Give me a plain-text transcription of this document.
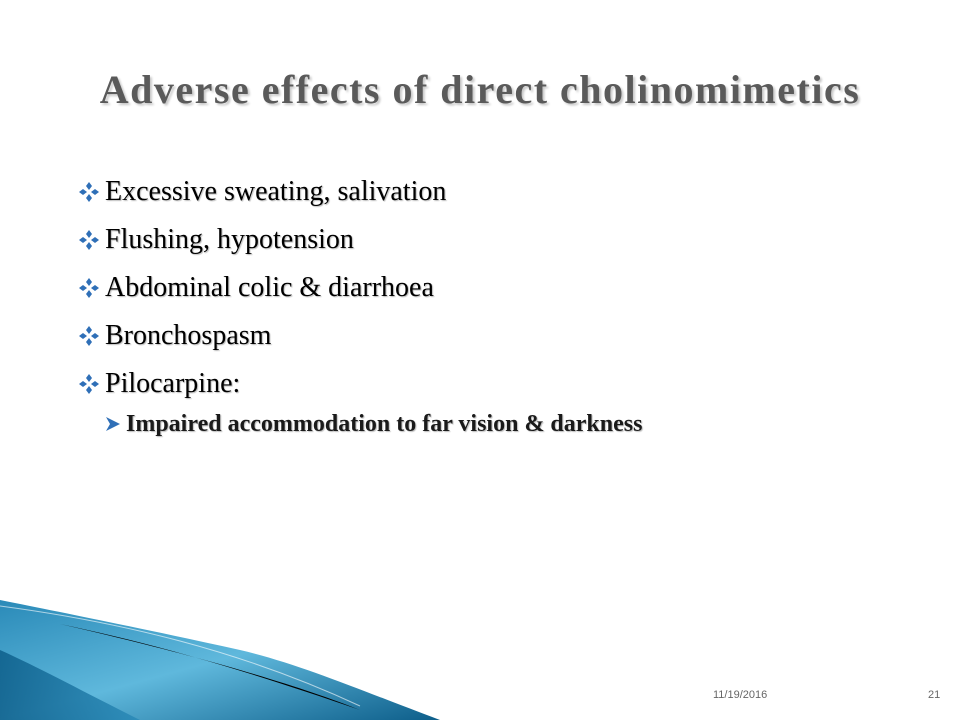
Adverse effects of direct cholinomimetics
Excessive sweating, salivation
Flushing, hypotension
Abdominal colic & diarrhoea
Bronchospasm
Pilocarpine:
Impaired accommodation to far vision & darkness
11/19/2016	21
